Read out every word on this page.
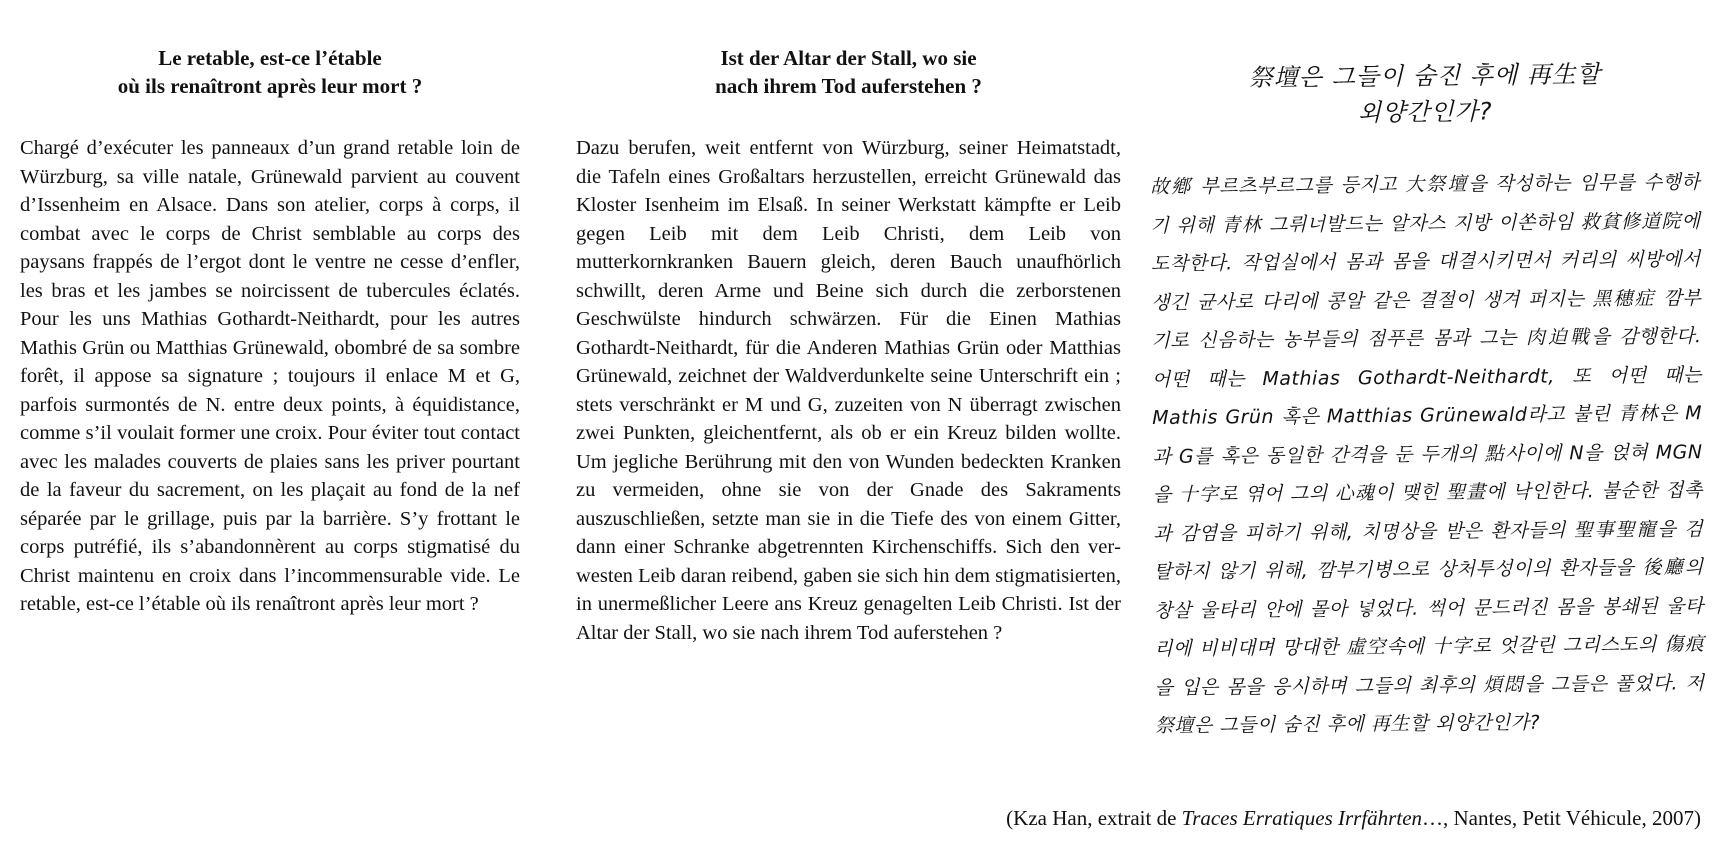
Le retable, est-ce l’étable
où ils renaîtront après leur mort ?

Chargé d’exécuter les panneaux d’un grand retable loin de Würzburg, sa ville natale, Grünewald parvient au couvent d’Issenheim en Alsace. Dans son atelier, corps à corps, il combat avec le corps de Christ semblable au corps des paysans frappés de l’ergot dont le ventre ne cesse d’enfler, les bras et les jambes se noircissent de tubercules éclatés. Pour les uns Mathias Gothardt-Neithardt, pour les autres Mathis Grün ou Matthias Grünewald, obombré de sa sombre forêt, il appose sa signature ; toujours il enlace M et G, parfois surmontés de N. entre deux points, à équidistance, comme s’il voulait former une croix. Pour éviter tout contact avec les malades couverts de plaies sans les priver pourtant de la faveur du sacrement, on les plaçait au fond de la nef séparée par le grillage, puis par la barrière. S’y frottant le corps putréfié, ils s’abandonnèrent au corps stigmatisé du Christ maintenu en croix dans l’incommensurable vide. Le retable, est-ce l’étable où ils renaîtront après leur mort ?

Ist der Altar der Stall, wo sie
nach ihrem Tod auferstehen ?

Dazu berufen, weit entfernt von Würzburg, seiner Heimatstadt, die Tafeln eines Großaltars herzustellen, erreicht Grünewald das Kloster Isenheim im Elsaß. In seiner Werkstatt kämpfte er Leib gegen Leib mit dem Leib Christi, dem Leib von mutterkornkranken Bauern gleich, deren Bauch unaufhörlich schwillt, deren Arme und Beine sich durch die zerborstenen Geschwülste hindurch schwärzen. Für die Einen Mathias Gothardt-Neithardt, für die Anderen Mathias Grün oder Matthias Grünewald, zeichnet der Waldverdunkelte seine Unterschrift ein ; stets verschränkt er M und G, zuzeiten von N überragt zwischen zwei Punkten, gleichentfernt, als ob er ein Kreuz bilden wollte. Um jegliche Berührung mit den von Wunden bedeckten Kranken zu vermeiden, ohne sie von der Gnade des Sakraments auszuschließen, setzte man sie in die Tiefe des von einem Gitter, dann einer Schranke abgetrennten Kirchenschiffs. Sich den verwesten Leib daran reibend, gaben sie sich hin dem stigmatisierten, in unermeßlicher Leere ans Kreuz genagelten Leib Christi. Ist der Altar der Stall, wo sie nach ihrem Tod auferstehen ?

祭壇은 그들이 숨진 후에 再生할
외양간인가?

故鄕 부르츠부르그를 등지고 大祭壇을 작성하는 임무를 수행하기 위해 青林 그뤼너발드는 알자스 지방 이쏜하임 救貧修道院에 도착한다. 작업실에서 몸과 몸을 대결시키면서 커리의 씨방에서 생긴 균사로 다리에 콩알 같은 결절이 생겨 퍼지는 黑穗症 깜부기로 신음하는 농부들의 점푸른 몸과 그는 肉迫戰을 감행한다. 어떤 때는 Mathias Gothardt-Neithardt, 또 어떤 때는 Mathis Grün 혹은 Matthias Grünewald라고 불린 青林은 M과 G를 혹은 동일한 간격을 둔 두개의 點사이에 N을 얹혀 MGN을 十字로 엮어 그의 心魂이 맺힌 聖畫에 낙인한다. 불순한 접촉과 감염을 피하기 위해, 치명상을 받은 환자들의 聖事聖寵을 검탈하지 않기 위해, 깜부기병으로 상처투성이의 환자들을 後廳의 창살 울타리 안에 몰아 넣었다. 썩어 문드러진 몸을 봉쇄된 울타리에 비비대며 망대한 虛空속에 十字로 엇갈린 그리스도의 傷痕을 입은 몸을 응시하며 그들의 최후의 煩悶을 그들은 풀었다. 저 祭壇은 그들이 숨진 후에 再生할 외양간인가?

(Kza Han, extrait de Traces Erratiques Irrfährten…, Nantes, Petit Véhicule, 2007)
